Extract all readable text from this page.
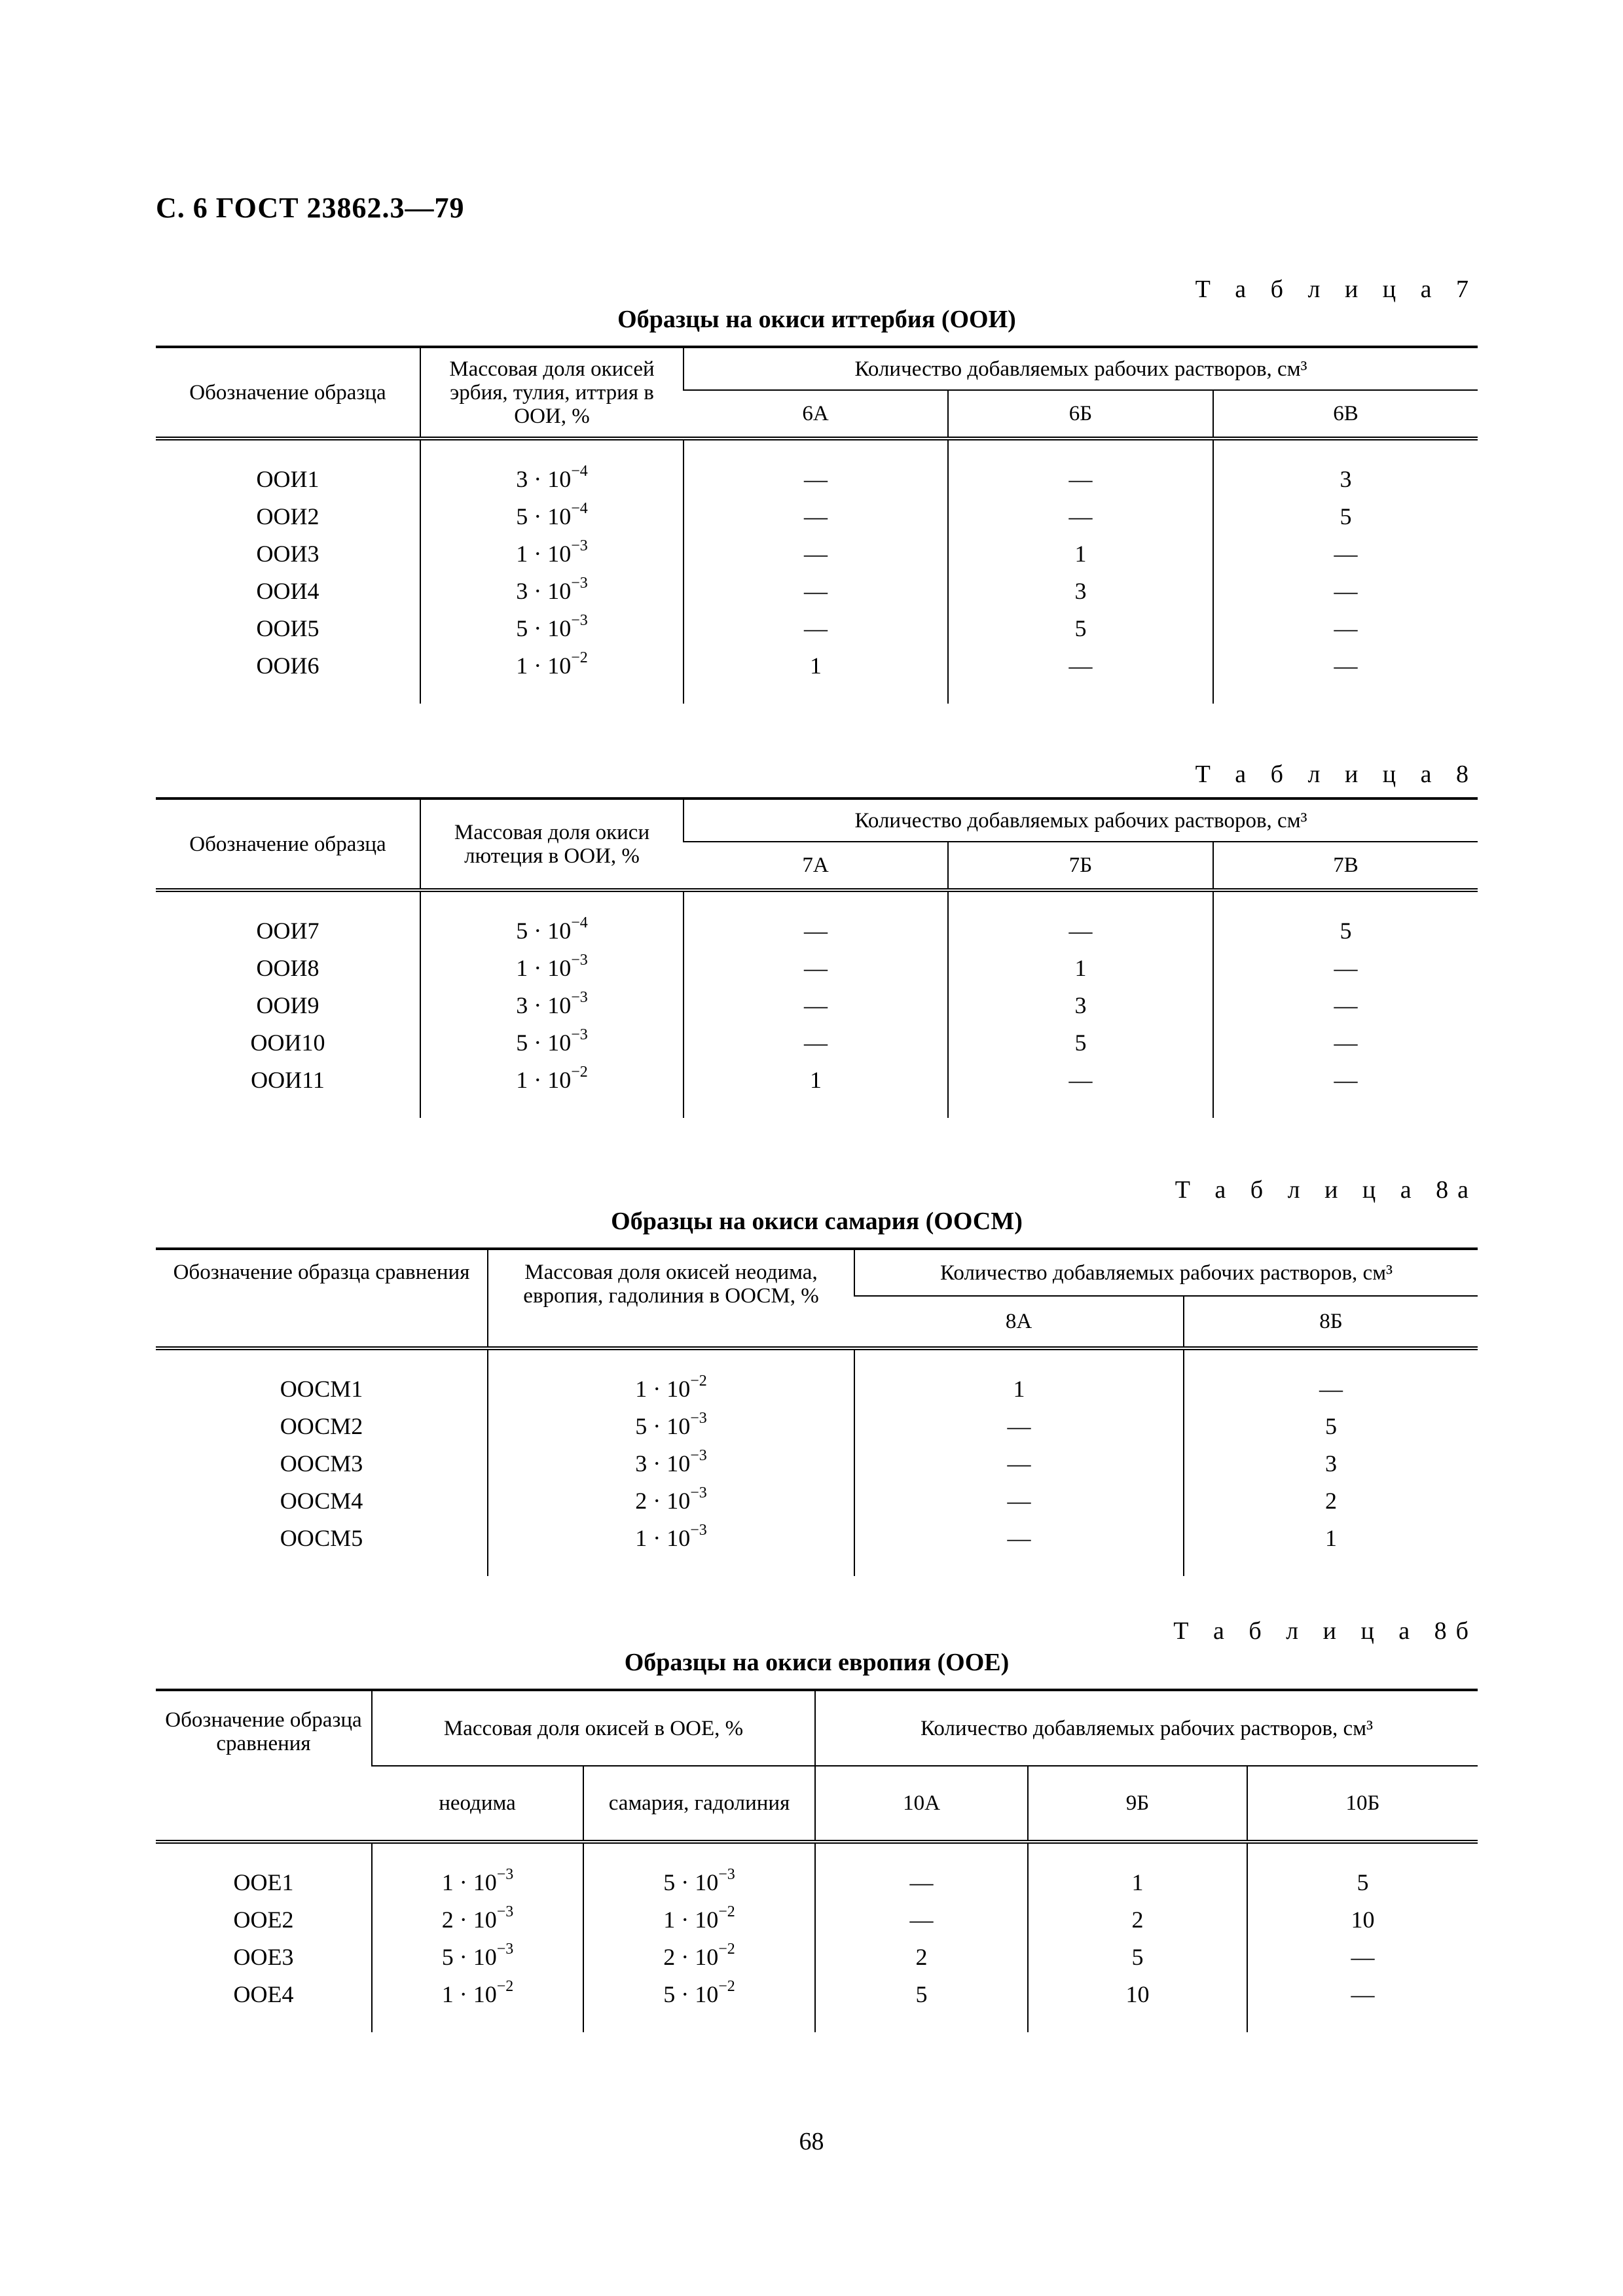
С. 6 ГОСТ 23862.3—79
Т а б л и ц а 7
Образцы на окиси иттербия (ООИ)
Обозначение образца	Массовая доля окисей эрбия, тулия, иттрия в ООИ, %	Количество добавляемых рабочих растворов, см³		
		6А	6Б	6В

ООИ1	$3 \cdot 10^{-4}$	—	—	3
ООИ2	$5 \cdot 10^{-4}$	—	—	5
ООИ3	$1 \cdot 10^{-3}$	—	1	—
ООИ4	$3 \cdot 10^{-3}$	—	3	—
ООИ5	$5 \cdot 10^{-3}$	—	5	—
ООИ6	$1 \cdot 10^{-2}$	1	—	—

Т а б л и ц а 8
Обозначение образца	Массовая доля окиси лютеция в ООИ, %	Количество добавляемых рабочих растворов, см³		
		7А	7Б	7В

ООИ7	$5 \cdot 10^{-4}$	—	—	5
ООИ8	$1 \cdot 10^{-3}$	—	1	—
ООИ9	$3 \cdot 10^{-3}$	—	3	—
ООИ10	$5 \cdot 10^{-3}$	—	5	—
ООИ11	$1 \cdot 10^{-2}$	1	—	—

Т а б л и ц а 8а
Образцы на окиси самария (ООСМ)
Обозначение образца сравнения	Массовая доля окисей неодима, европия, гадолиния в ООСМ, %	Количество добавляемых рабочих растворов, см³	
		8А	8Б

ООСМ1	$1 \cdot 10^{-2}$	1	—
ООСМ2	$5 \cdot 10^{-3}$	—	5
ООСМ3	$3 \cdot 10^{-3}$	—	3
ООСМ4	$2 \cdot 10^{-3}$	—	2
ООСМ5	$1 \cdot 10^{-3}$	—	1

Т а б л и ц а 8б
Образцы на окиси европия (ООЕ)
Обозначение образца сравнения	Массовая доля окисей в ООЕ, %		Количество добавляемых рабочих растворов, см³		
	неодима	самария, гадолиния	10А	9Б	10Б

ООЕ1	$1 \cdot 10^{-3}$	$5 \cdot 10^{-3}$	—	1	5
ООЕ2	$2 \cdot 10^{-3}$	$1 \cdot 10^{-2}$	—	2	10
ООЕ3	$5 \cdot 10^{-3}$	$2 \cdot 10^{-2}$	2	5	—
ООЕ4	$1 \cdot 10^{-2}$	$5 \cdot 10^{-2}$	5	10	—

68
